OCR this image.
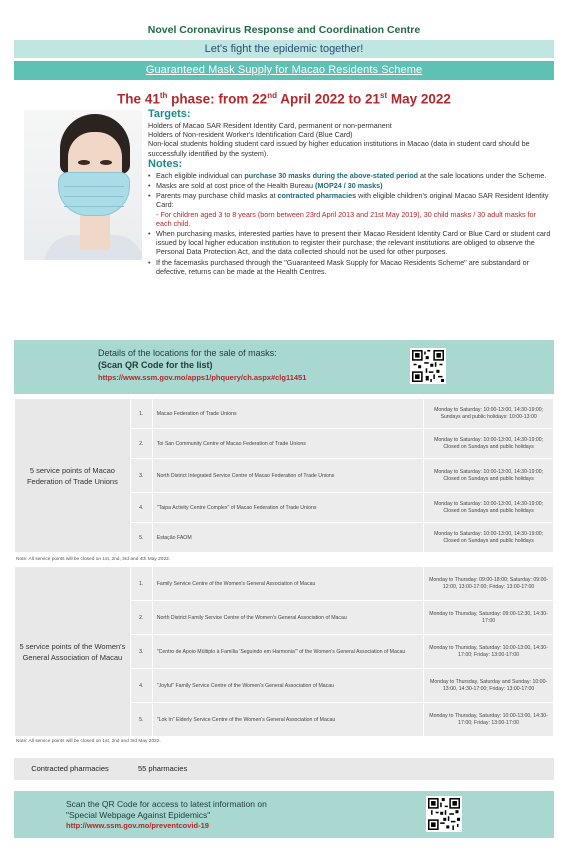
Novel Coronavirus Response and Coordination Centre
Let's fight the epidemic together!
Guaranteed Mask Supply for Macao Residents Scheme
The 41th phase: from 22nd April 2022 to 21st May 2022
Targets:

Holders of Macao SAR Resident Identity Card, permanent or non-permanent

Holders of Non-resident Worker's Identification Card (Blue Card)

Non-local students holding student card issued by higher education institutions in Macao (data in student card should be successfully identified by the system).

Notes:
• Each eligible individual can purchase 30 masks during the above-stated period at the sale locations under the Scheme.
• Masks are sold at cost price of the Health Bureau (MOP24 / 30 masks)
• Parents may purchase child masks at contracted pharmacies with eligible children's original Macao SAR Resident Identity Card:
- For children aged 3 to 8 years (born between 23rd April 2013 and 21st May 2019), 30 child masks / 30 adult masks for each child.
• When purchasing masks, interested parties have to present their Macao Resident Identity Card or Blue Card or student card issued by local higher education institution to register their purchase; the relevant institutions are obliged to observe the Personal Data Protection Act, and the data collected should not be used for other purposes.
• If the facemasks purchased through the "Guaranteed Mask Supply for Macao Residents Scheme" are substandard or defective, returns can be made at the Health Centres.
Details of the locations for the sale of masks:
(Scan QR Code for the list)
https://www.ssm.gov.mo/apps1/phquery/ch.aspx#clg11451
5 service points of Macao Federation of Trade Unions	1.	Macao Federation of Trade Unions	Monday to Saturday: 10:00-13:00, 14:30-19:00; Sundays and public holidays: 10:00-13:00
	2.	Toi San Community Centre of Macao Federation of Trade Unions	Monday to Saturday: 10:00-13:00, 14:30-19:00; Closed on Sundays and public holidays
	3.	North District Integrated Service Centre of Macao Federation of Trade Unions	Monday to Saturday: 10:00-13:00, 14:30-19:00; Closed on Sundays and public holidays
	4.	"Taipa Activity Centre Complex" of Macao Federation of Trade Unions	Monday to Saturday: 10:00-13:00, 14:30-19:00; Closed on Sundays and public holidays
	5.	Estação FAOM	Monday to Saturday: 10:00-13:00, 14:30-19:00; Closed on Sundays and public holidays
Note: All service points will be closed on 1st, 2nd, 3rd and 4th May 2022.
5 service points of the Women's General Association of Macau	1.	Family Service Centre of the Women's General Association of Macau	Monday to Thursday: 09:00-18:00; Saturday: 09:00-12:00, 13:00-17:00; Friday: 13:00-17:00
	2.	North District Family Service Centre of the Women's General Association of Macau	Monday to Thursday, Saturday: 09:00-12:30, 14:30-17:00
	3.	"Centro de Apoio Múltiplo à Família 'Seguindo em Harmonia'" of the Women's General Association of Macau	Monday to Thursday, Saturday: 10:00-13:00, 14:30-17:00; Friday: 13:00-17:00
	4.	"Joyful" Family Service Centre of the Women's General Association of Macau	Monday to Thursday, Saturday and Sunday: 10:00-13:00, 14:30-17:00; Friday: 13:00-17:00
	5.	"Lok In" Elderly Service Centre of the Women's General Association of Macau	Monday to Thursday, Saturday: 10:00-13:00, 14:30-17:00; Friday: 13:00-17:00
Note: All service points will be closed on 1st, 2nd and 3rd May 2022.
Contracted pharmacies	55 pharmacies
Scan the QR Code for access to latest information on
"Special Webpage Against Epidemics"
http://www.ssm.gov.mo/preventcovid-19
